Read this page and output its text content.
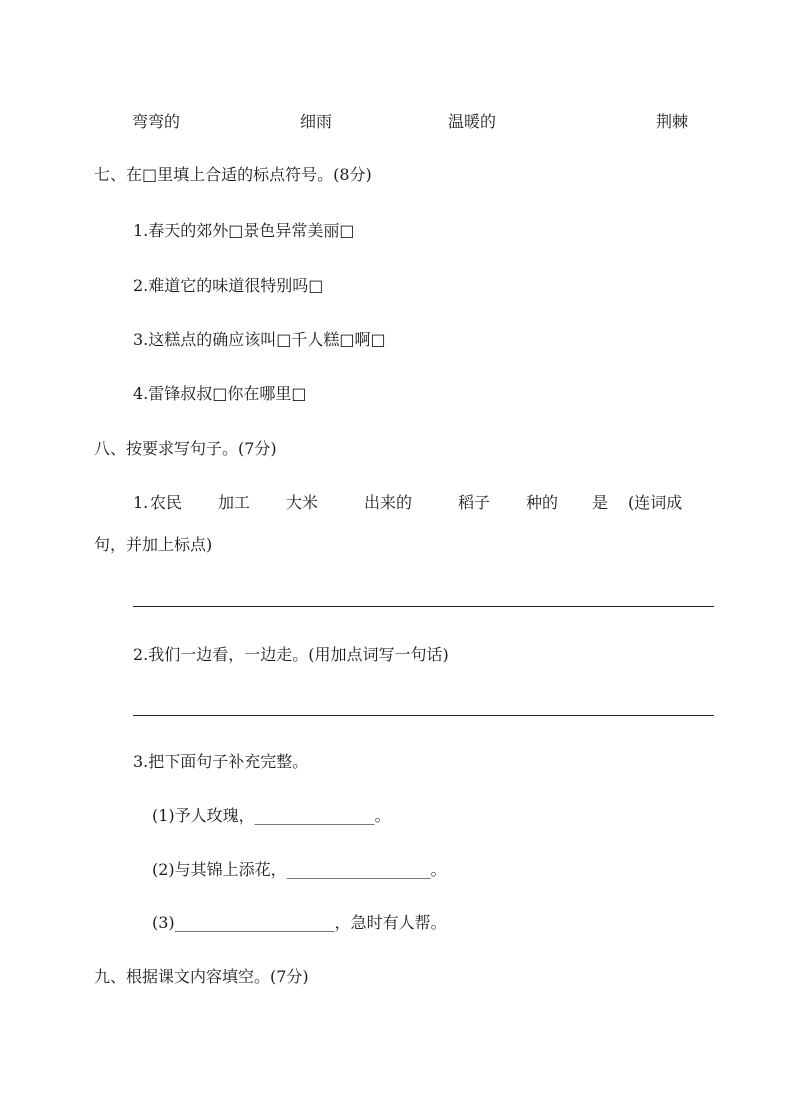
弯弯的	细雨	温暖的	荆棘
七、在□里填上合适的标点符号。(8分)
1.春天的郊外□景色异常美丽□
2.难道它的味道很特别吗□
3.这糕点的确应该叫□千人糕□啊□
4.雷锋叔叔□你在哪里□
八、按要求写句子。(7分)
1. 农民 加工 大米	出来的	稻子 种的 是 (连词成
句，并加上标点)
2.我们一边看，一边走。(用加点词写一句话)
3.把下面句子补充完整。
(1)予人玫瑰，_______________。
(2)与其锦上添花，__________________。
(3)____________________，急时有人帮。
九、根据课文内容填空。(7分)
